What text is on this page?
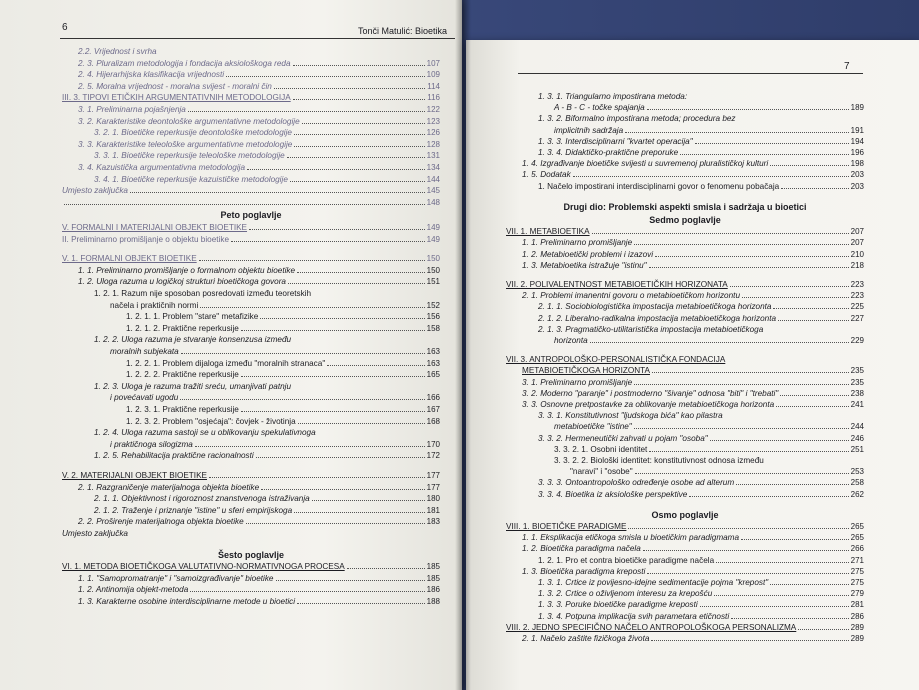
6	Tonči Matulić: Bioetika
2.2. Vrijednost i svrha
2. 3. Pluralizam metodologija i fondacija aksiološkoga reda	107
2. 4. Hijerarhijska klasifikacija vrijednosti	109
2. 5. Moralna vrijednost - moralna svijest - moralni čin	114
III. 3. TIPOVI ETIČKIH ARGUMENTATIVNIH METODOLOGIJA	116
3. 1. Preliminarna pojašnjenja	122
3. 2. Karakteristike deontološke argumentativne metodologije	123
3. 2. 1. Bioetičke reperkusije deontološke metodologije	126
3. 3. Karakteristike teleološke argumentativne metodologije	128
3. 3. 1. Bioetičke reperkusije teleološke metodologije	131
3. 4. Kazuistička argumentativna metodologija	134
3. 4. 1. Bioetičke reperkusije kazuističke metodologije	144
Umjesto zaključka	145
148
Peto poglavlje
V. FORMALNI I MATERIJALNI OBJEKT BIOETIKE	149
II. Preliminarno promišljanje o objektu bioetike	149
V. 1. FORMALNI OBJEKT BIOETIKE	150
1. 1. Preliminarno promišljanje o formalnom objektu bioetike	150
1. 2. Uloga razuma u logičkoj strukturi bioetičkoga govora	151
1. 2. 1. Razum nije sposoban posredovati između teoretskih
načela i praktičnih normi	152
1. 2. 1. 1. Problem "stare" metafizike	156
1. 2. 1. 2. Praktične reperkusije	158
1. 2. 2. Uloga razuma je stvaranje konsenzusa između
moralnih subjekata	163
1. 2. 2. 1. Problem dijaloga između "moralnih stranaca"	163
1. 2. 2. 2. Praktične reperkusije	165
1. 2. 3. Uloga je razuma tražiti sreću, umanjivati patnju
i povećavati ugodu	166
1. 2. 3. 1. Praktične reperkusije	167
1. 2. 3. 2. Problem "osjećaja": čovjek - životinja	168
1. 2. 4. Uloga razuma sastoji se u oblikovanju spekulativnoga
i praktičnoga silogizma	170
1. 2. 5. Rehabilitacija praktične racionalnosti	172
V. 2. MATERIJALNI OBJEKT BIOETIKE	177
2. 1. Razgraničenje materijalnoga objekta bioetike	177
2. 1. 1. Objektivnost i rigoroznost znanstvenoga istraživanja	180
2. 1. 2. Traženje i priznanje "istine" u sferi empirijskoga	181
2. 2. Proširenje materijalnoga objekta bioetike	183
Umjesto zaključka
Šesto poglavlje
VI. 1. METODA BIOETIČKOGA VALUTATIVNO-NORMATIVNOGA PROCESA	185
1. 1. "Samopromatranje" i "samoizgrađivanje" bioetike	185
1. 2. Antinomija objekt-metoda	186
1. 3. Karakterne osobine interdisciplinarne metode u bioetici	188
7
1. 3. 1. Triangularno impostirana metoda:
A - B - C - točke spajanja	189
1. 3. 2. Biformalno impostirana metoda; procedura bez
implicitnih sadržaja	191
1. 3. 3. Interdisciplinarni "kvartet operacija"	194
1. 3. 4. Didaktičko-praktične preporuke	196
1. 4. Izgrađivanje bioetičke svijesti u suvremenoj pluralističkoj kulturi	198
1. 5. Dodatak	203
1. Načelo impostirani interdisciplinarni govor o fenomenu pobačaja	203
Drugi dio: Problemski aspekti smisla i sadržaja u bioetici
Sedmo poglavlje
VII. 1. METABIOETIKA	207
1. 1. Preliminarno promišljanje	207
1. 2. Metabioetički problemi i izazovi	210
1. 3. Metabioetika istražuje "istinu"	218
VII. 2. POLIVALENTNOST METABIOETIČKIH HORIZONATA	223
2. 1. Problemi imanentni govoru o metabioetičkom horizontu	223
2. 1. 1. Sociobiologistička impostacija metabioetičkoga horizonta	225
2. 1. 2. Liberalno-radikalna impostacija metabioetičkoga horizonta	227
2. 1. 3. Pragmatičko-utilitaristička impostacija metabioetičkoga
horizonta	229
VII. 3. ANTROPOLOŠKO-PERSONALISTIČKA FONDACIJA
METABIOETIČKOGA HORIZONTA	235
3. 1. Preliminarno promišljanje	235
3. 2. Moderno "paranje" i postmoderno "šivanje" odnosa "biti" i "trebati"	238
3. 3. Osnovne pretpostavke za oblikovanje metabioetičkoga horizonta	241
3. 3. 1. Konstitutivnost "ljudskoga bića" kao pilastra
metabioetičke "istine"	244
3. 3. 2. Hermeneutički zahvati u pojam "osoba"	246
3. 3. 2. 1. Osobni identitet	251
3. 3. 2. 2. Biološki identitet: konstitutivnost odnosa između
"naravi" i "osobe"	253
3. 3. 3. Ontoantropološko određenje osobe ad alterum	258
3. 3. 4. Bioetika iz aksiološke perspektive	262
Osmo poglavlje
VIII. 1. BIOETIČKE PARADIGME	265
1. 1. Eksplikacija etičkoga smisla u bioetičkim paradigmama	265
1. 2. Bioetička paradigma načela	266
1. 2. 1. Pro et contra bioetičke paradigme načela	271
1. 3. Bioetička paradigma kreposti	275
1. 3. 1. Crtice iz povijesno-idejne sedimentacije pojma "krepost"	275
1. 3. 2. Crtice o oživljenom interesu za krepošću	279
1. 3. 3. Poruke bioetičke paradigme kreposti	281
1. 3. 4. Potpuna implikacija svih parametara etičnosti	286
VIII. 2. JEDNO SPECIFIČNO NAČELO ANTROPOLOŠKOGA PERSONALIZMA	289
2. 1. Načelo zaštite fizičkoga života	289
